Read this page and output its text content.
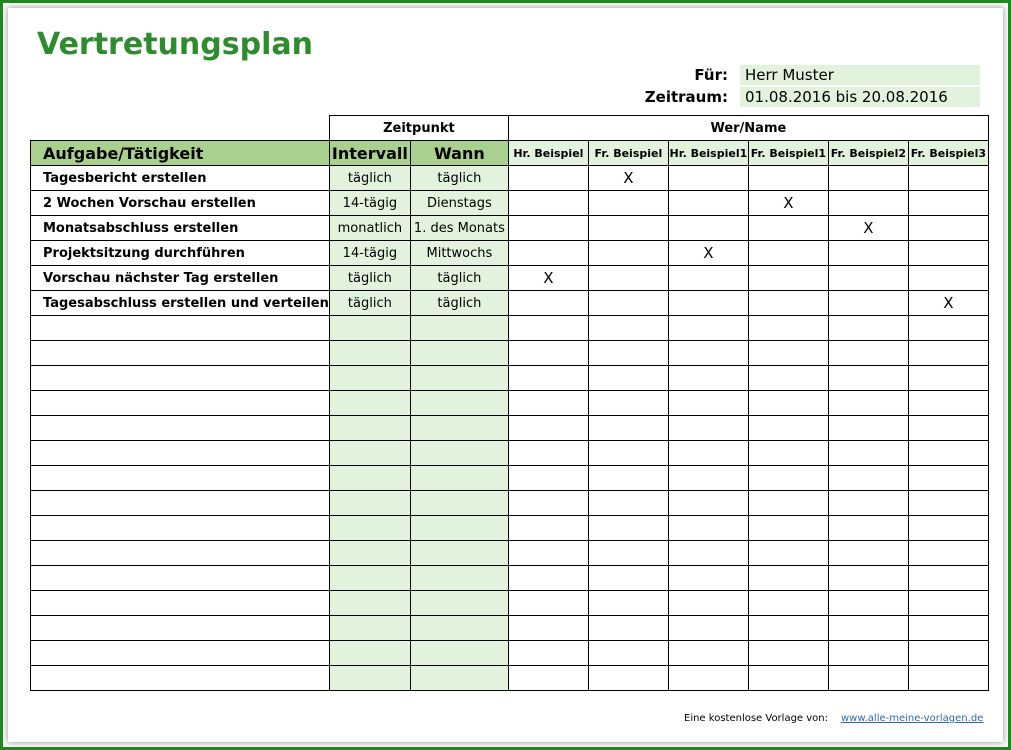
Vertretungsplan
Für:	Herr Muster
Zeitraum:	01.08.2016 bis 20.08.2016
	Zeitpunkt		Wer/Name					
Aufgabe/Tätigkeit	Intervall	Wann	Hr. Beispiel	Fr. Beispiel	Hr. Beispiel1	Fr. Beispiel1	Fr. Beispiel2	Fr. Beispiel3
Tagesbericht erstellen	täglich	täglich		X				
2 Wochen Vorschau erstellen	14-tägig	Dienstags				X		
Monatsabschluss erstellen	monatlich	1. des Monats					X	
Projektsitzung durchführen	14-tägig	Mittwochs			X			
Vorschau nächster Tag erstellen	täglich	täglich	X					
Tagesabschluss erstellen und verteilen	täglich	täglich						X

Eine kostenlose Vorlage von: www.alle-meine-vorlagen.de
